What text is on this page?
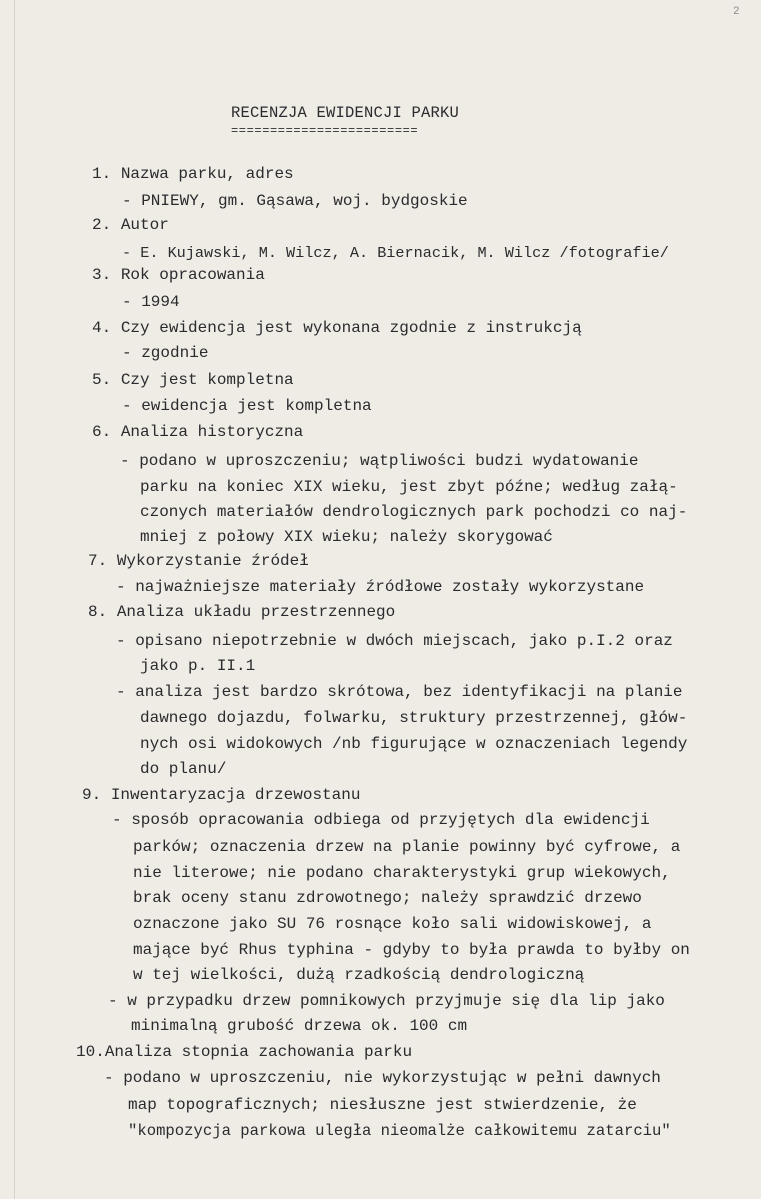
2
RECENZJA EWIDENCJI PARKU
========================
1. Nazwa parku, adres
- PNIEWY, gm. Gąsawa, woj. bydgoskie
2. Autor
- E. Kujawski, M. Wilcz, A. Biernacik, M. Wilcz /fotografie/
3. Rok opracowania
- 1994
4. Czy ewidencja jest wykonana zgodnie z instrukcją
- zgodnie
5. Czy jest kompletna
- ewidencja jest kompletna
6. Analiza historyczna
- podano w uproszczeniu; wątpliwości budzi wydatowanie
parku na koniec XIX wieku, jest zbyt późne; według załą-
czonych materiałów dendrologicznych park pochodzi co naj-
mniej z połowy XIX wieku; należy skorygować
7. Wykorzystanie źródeł
- najważniejsze materiały źródłowe zostały wykorzystane
8. Analiza układu przestrzennego
- opisano niepotrzebnie w dwóch miejscach, jako p.I.2 oraz
jako p. II.1
- analiza jest bardzo skrótowa, bez identyfikacji na planie
dawnego dojazdu, folwarku, struktury przestrzennej, głów-
nych osi widokowych /nb figurujące w oznaczeniach legendy
do planu/
9. Inwentaryzacja drzewostanu
- sposób opracowania odbiega od przyjętych dla ewidencji
parków; oznaczenia drzew na planie powinny być cyfrowe, a
nie literowe; nie podano charakterystyki grup wiekowych,
brak oceny stanu zdrowotnego; należy sprawdzić drzewo
oznaczone jako SU 76 rosnące koło sali widowiskowej, a
mające być Rhus typhina - gdyby to była prawda to byłby on
w tej wielkości, dużą rzadkością dendrologiczną
- w przypadku drzew pomnikowych przyjmuje się dla lip jako
minimalną grubość drzewa ok. 100 cm
10.Analiza stopnia zachowania parku
- podano w uproszczeniu, nie wykorzystując w pełni dawnych
map topograficznych; niesłuszne jest stwierdzenie, że
"kompozycja parkowa uległa nieomalże całkowitemu zatarciu"
